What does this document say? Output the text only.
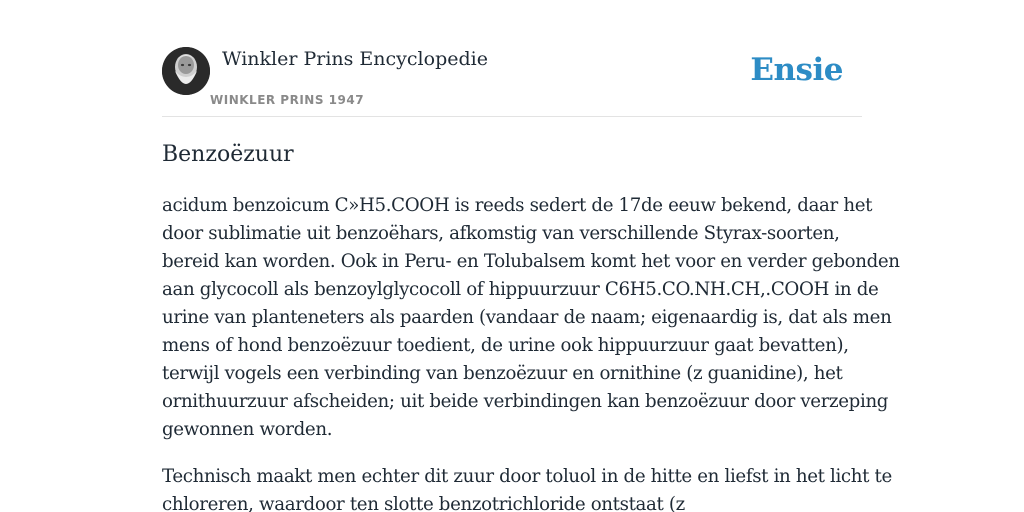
Winkler Prins Encyclopedie
WINKLER PRINS 1947
Ensie
Benzoëzuur

acidum benzoicum C»H5.COOH is reeds sedert de 17de eeuw bekend, daar het
door sublimatie uit benzoëhars, afkomstig van verschillende Styrax-soorten,
bereid kan worden. Ook in Peru- en Tolubalsem komt het voor en verder gebonden
aan glycocoll als benzoylglycocoll of hippuurzuur C6H5.CO.NH.CH,.COOH in de
urine van planteneters als paarden (vandaar de naam; eigenaardig is, dat als men
mens of hond benzoëzuur toedient, de urine ook hippuurzuur gaat bevatten),
terwijl vogels een verbinding van benzoëzuur en ornithine (z guanidine), het
ornithuurzuur afscheiden; uit beide verbindingen kan benzoëzuur door verzeping
gewonnen worden.

Technisch maakt men echter dit zuur door toluol in de hitte en liefst in het licht te
chloreren, waardoor ten slotte benzotrichloride ontstaat (z
